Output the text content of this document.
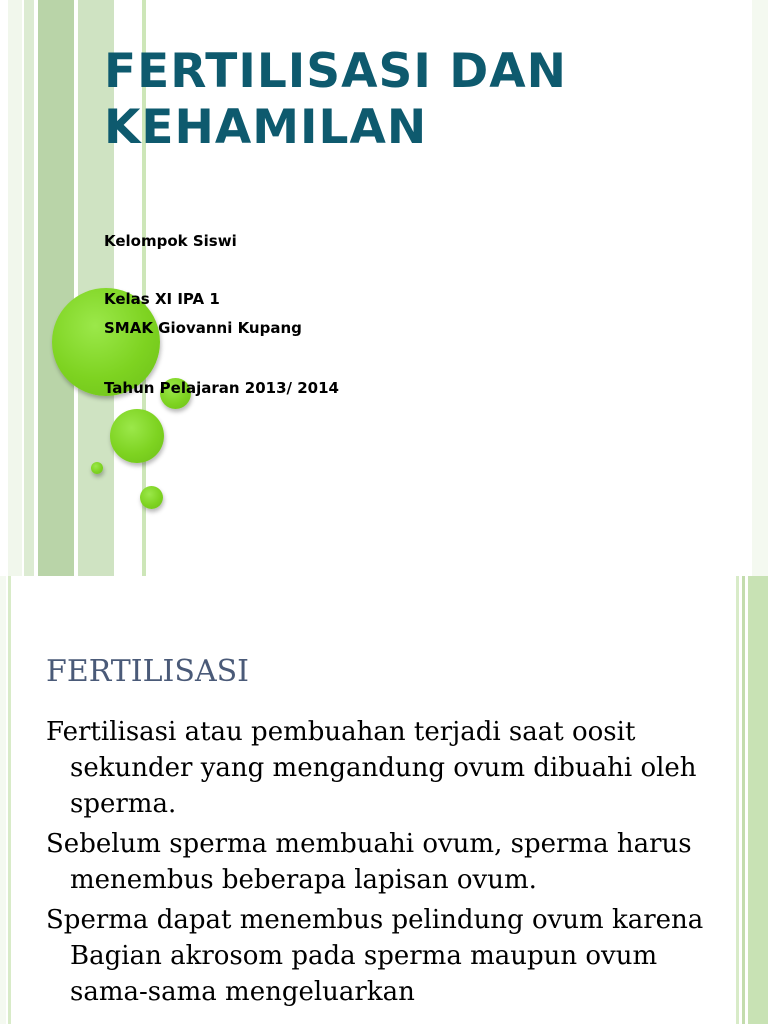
FERTILISASI DAN
KEHAMILAN

Kelompok Siswi

Kelas XI IPA 1

SMAK Giovanni Kupang

Tahun Pelajaran 2013/ 2014

FERTILISASI

Fertilisasi atau pembuahan terjadi saat oosit sekunder yang mengandung ovum dibuahi oleh sperma.

Sebelum sperma membuahi ovum, sperma harus menembus beberapa lapisan ovum.

Sperma dapat menembus pelindung ovum karena Bagian akrosom pada sperma maupun ovum sama-sama mengeluarkan
